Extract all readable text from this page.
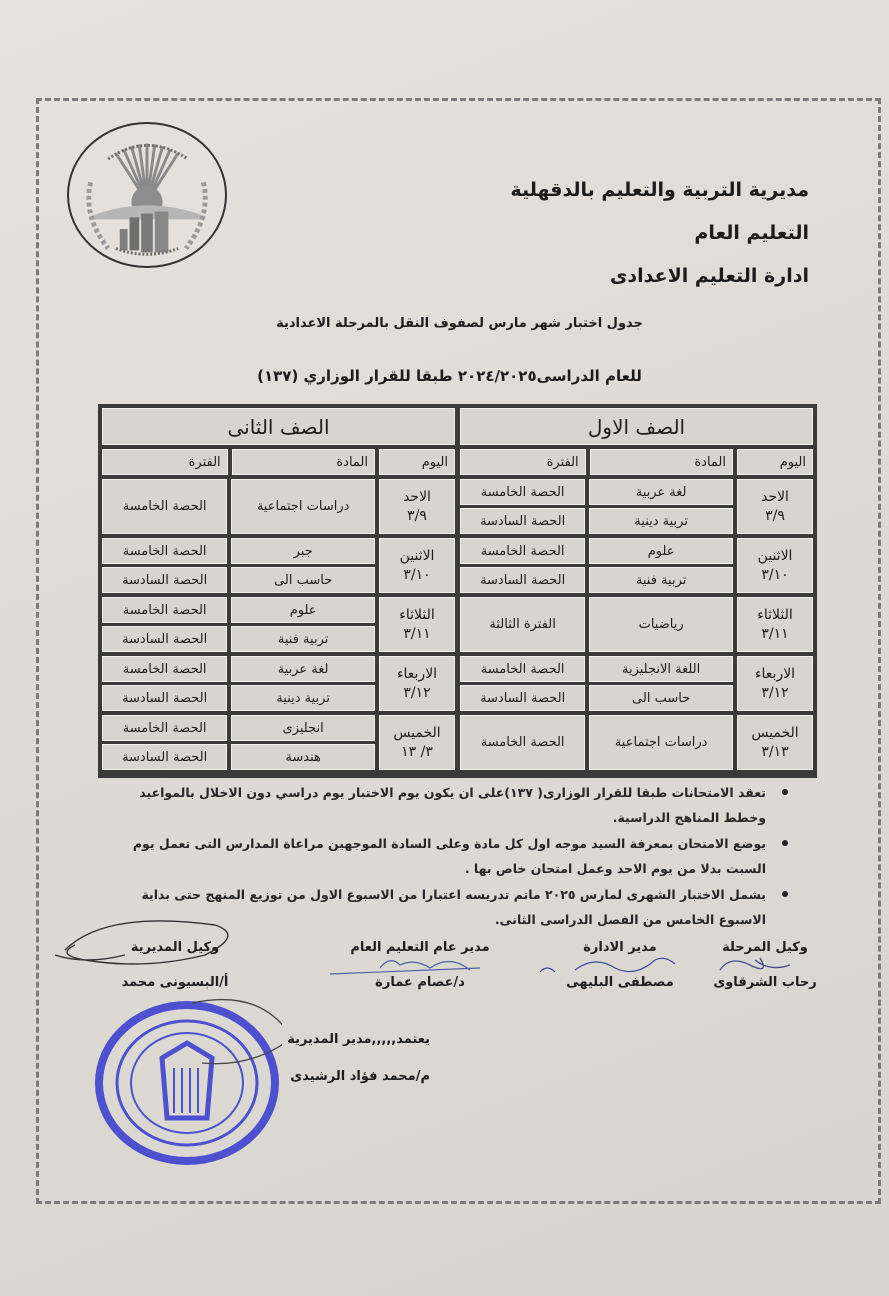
مديرية التربية والتعليم بالدقهلية
التعليم العام
ادارة التعليم الاعدادى
جدول اختبار شهر مارس لصفوف النقل بالمرحلة الاعدادية
للعام الدراسى٢٠٢٤/٢٠٢٥ طبقا للقرار الوزاري (١٣٧)
الصف الاول
اليوم
المادة
الفترة
الاحد
٣/٩
لغة عربية
الحصة الخامسة
تربية دينية
الحصة السادسة
الاثنين
٣/١٠
علوم
الحصة الخامسة
تربية فنية
الحصة السادسة
الثلاثاء
٣/١١
رياضيات
الفترة الثالثة
الاربعاء
٣/١٢
اللغة الانجليزية
الحصة الخامسة
حاسب الى
الحصة السادسة
الخميس
٣/١٣
دراسات اجتماعية
الحصة الخامسة
الصف الثانى
اليوم
المادة
الفترة
الاحد
٣/٩
دراسات اجتماعية
الحصة الخامسة
الاثنين
٣/١٠
جبر
الحصة الخامسة
حاسب الى
الحصة السادسة
الثلاثاء
٣/١١
علوم
الحصة الخامسة
تربية فنية
الحصة السادسة
الاربعاء
٣/١٢
لغة عربية
الحصة الخامسة
تربية دينية
الحصة السادسة
الخميس
٣/ ١٣
انجليزى
الحصة الخامسة
هندسة
الحصة السادسة
تعقد الامتحانات طبقا للقرار الوزارى( ١٣٧)على ان يكون يوم الاختبار يوم دراسي دون الاخلال بالمواعيد وخطط المناهج الدراسية.
يوضع الامتحان بمعرفة السيد موجه اول كل مادة وعلى السادة الموجهين مراعاة المدارس التى تعمل يوم السبت بدلا من يوم الاحد وعمل امتحان خاص بها .
يشمل الاختبار الشهرى لمارس ٢٠٢٥ ماتم تدريسه اعتبارا من الاسبوع الاول من توزيع المنهج حتى بداية الاسبوع الخامس من الفصل الدراسى الثانى.
وكيل المرحلة
رحاب الشرقاوى
مدير الادارة
مصطفى البليهى
مدير عام التعليم العام
د/عصام عمارة
وكيل المديرية
أ/البسيونى محمد
يعتمد,,,,,مدير المديرية
م/محمد فؤاد الرشيدى
